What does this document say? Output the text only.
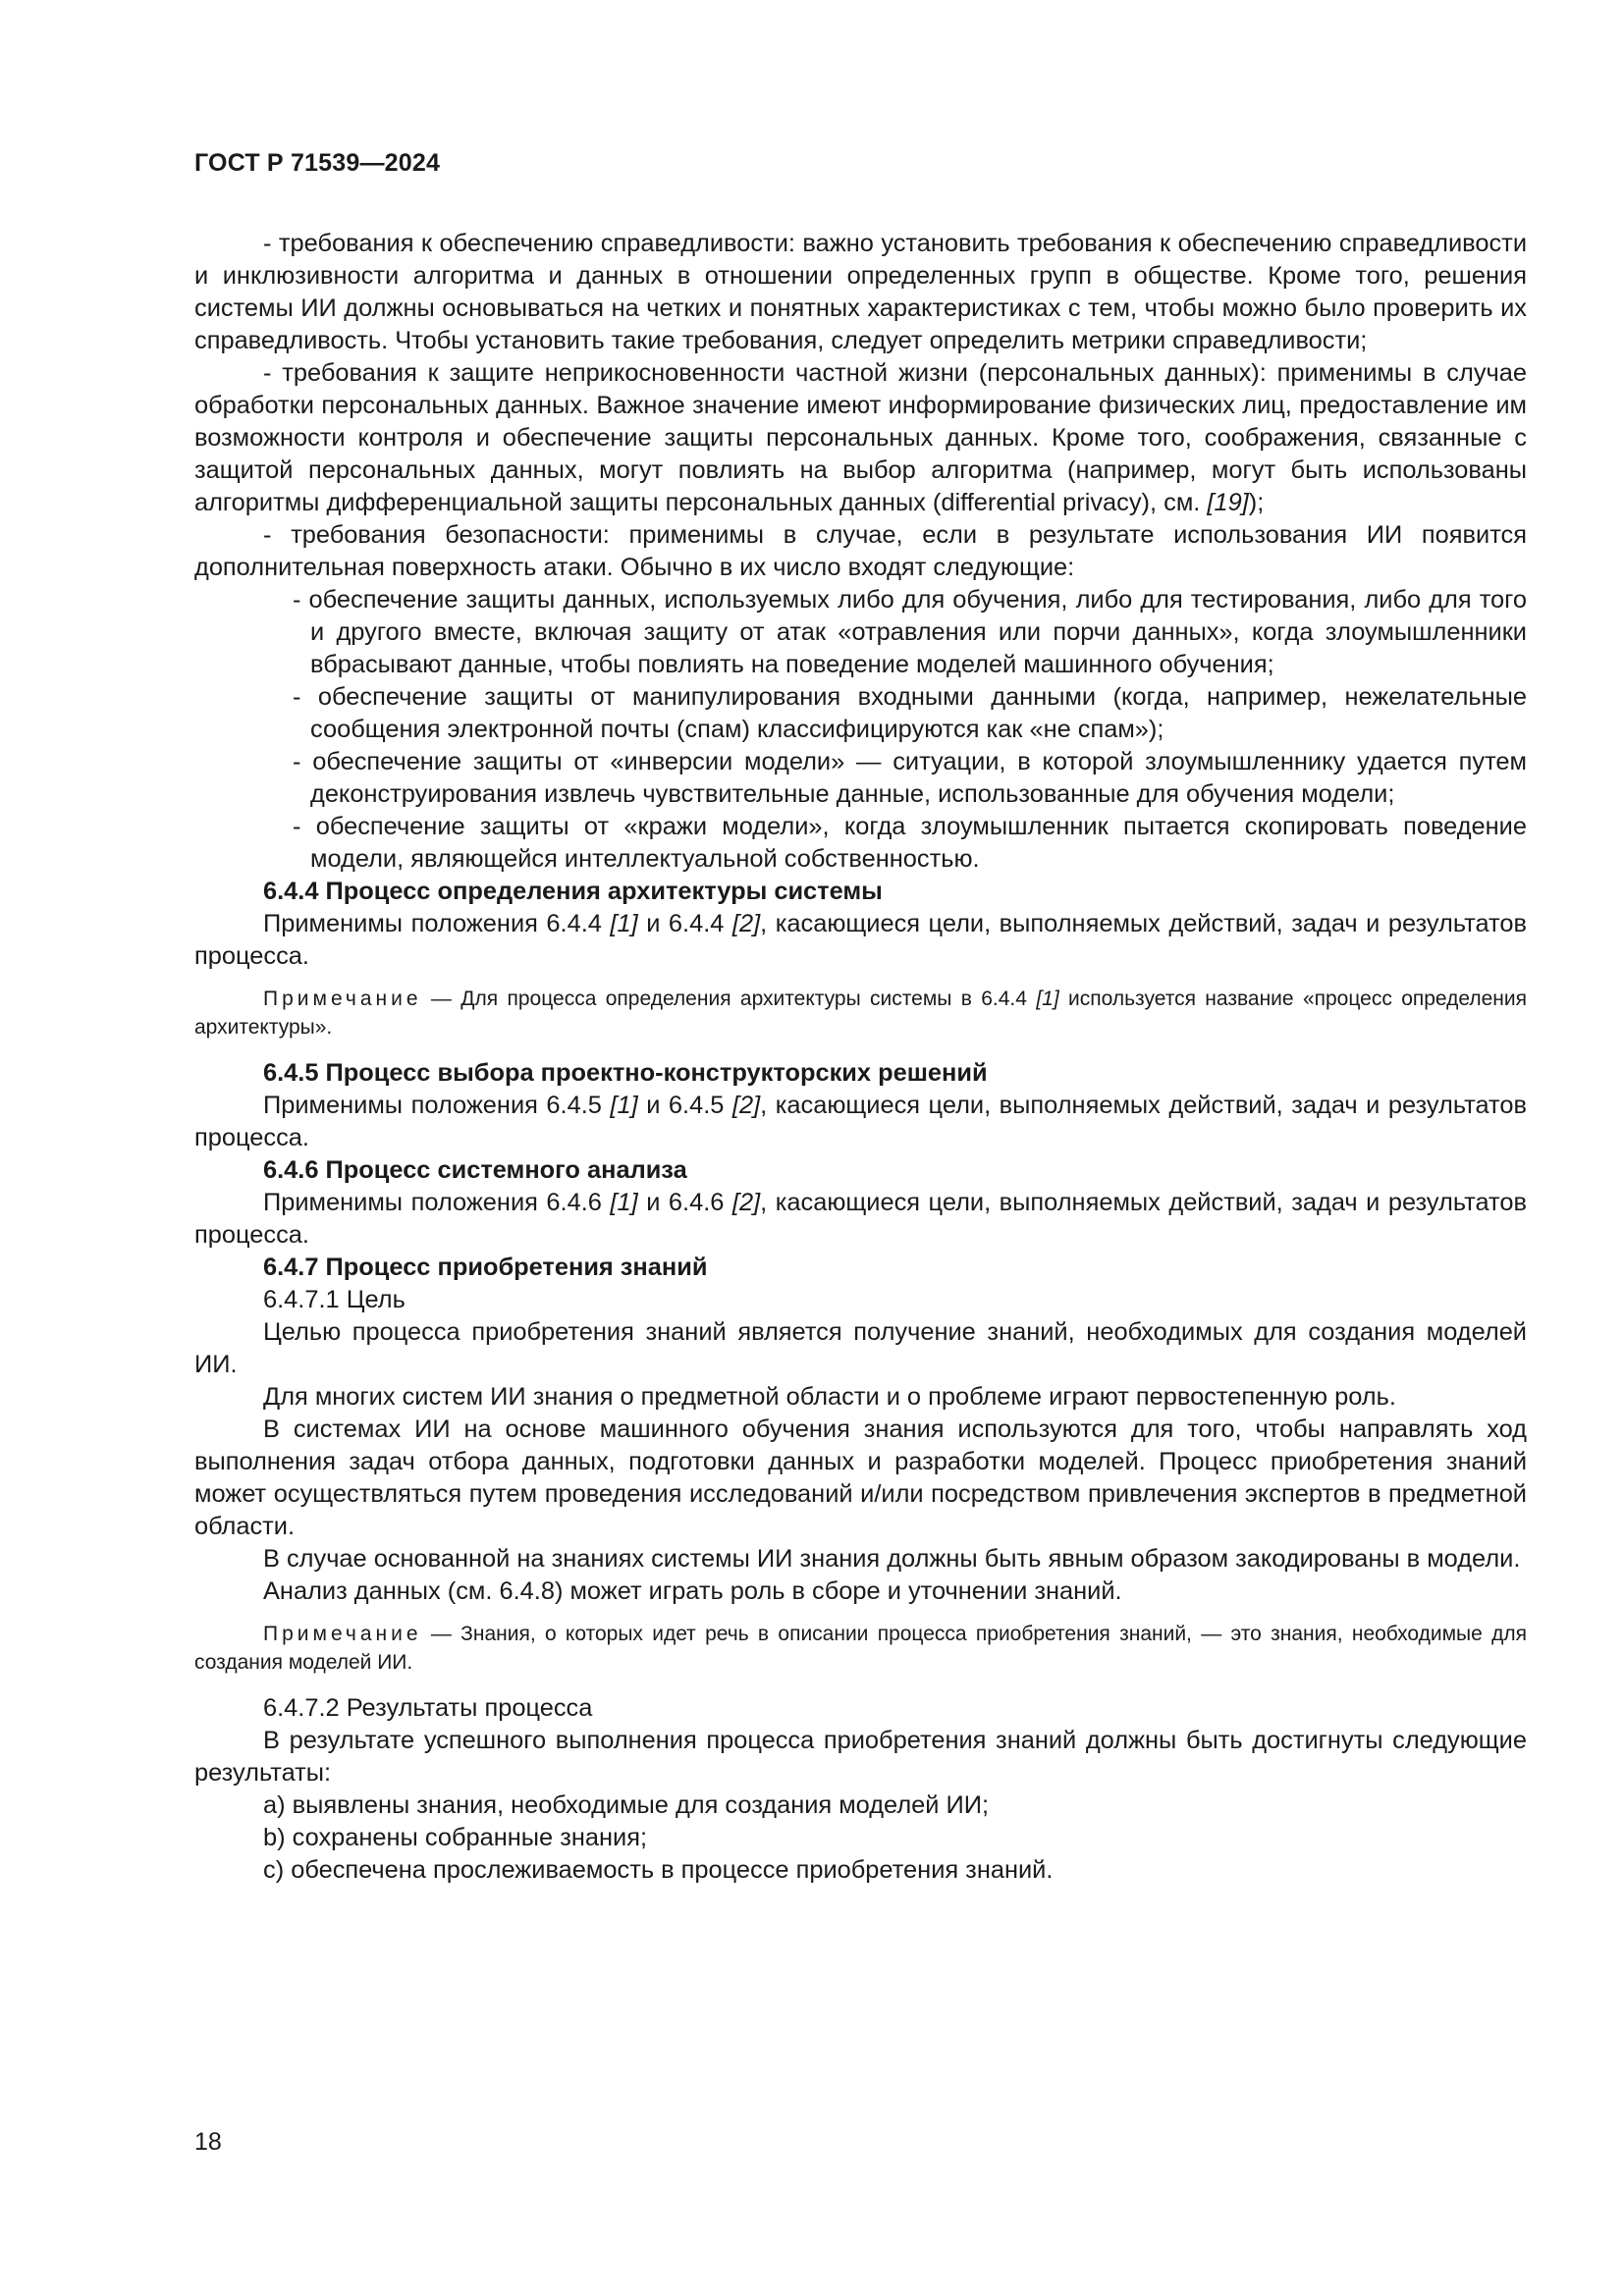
ГОСТ Р 71539—2024

- требования к обеспечению справедливости: важно установить требования к обеспечению справедливости и инклюзивности алгоритма и данных в отношении определенных групп в обществе. Кроме того, решения системы ИИ должны основываться на четких и понятных характеристиках с тем, чтобы можно было проверить их справедливость. Чтобы установить такие требования, следует определить метрики справедливости;

- требования к защите неприкосновенности частной жизни (персональных данных): применимы в случае обработки персональных данных. Важное значение имеют информирование физических лиц, предоставление им возможности контроля и обеспечение защиты персональных данных. Кроме того, соображения, связанные с защитой персональных данных, могут повлиять на выбор алгоритма (например, могут быть использованы алгоритмы дифференциальной защиты персональных данных (differential privacy), см. [19]);

- требования безопасности: применимы в случае, если в результате использования ИИ появится дополнительная поверхность атаки. Обычно в их число входят следующие:

- обеспечение защиты данных, используемых либо для обучения, либо для тестирования, либо для того и другого вместе, включая защиту от атак «отравления или порчи данных», когда злоумышленники вбрасывают данные, чтобы повлиять на поведение моделей машинного обучения;

- обеспечение защиты от манипулирования входными данными (когда, например, нежелательные сообщения электронной почты (спам) классифицируются как «не спам»);

- обеспечение защиты от «инверсии модели» — ситуации, в которой злоумышленнику удается путем деконструирования извлечь чувствительные данные, использованные для обучения модели;

- обеспечение защиты от «кражи модели», когда злоумышленник пытается скопировать поведение модели, являющейся интеллектуальной собственностью.

6.4.4 Процесс определения архитектуры системы

Применимы положения 6.4.4 [1] и 6.4.4 [2], касающиеся цели, выполняемых действий, задач и результатов процесса.

Примечание — Для процесса определения архитектуры системы в 6.4.4 [1] используется название «процесс определения архитектуры».

6.4.5 Процесс выбора проектно-конструкторских решений

Применимы положения 6.4.5 [1] и 6.4.5 [2], касающиеся цели, выполняемых действий, задач и результатов процесса.

6.4.6 Процесс системного анализа

Применимы положения 6.4.6 [1] и 6.4.6 [2], касающиеся цели, выполняемых действий, задач и результатов процесса.

6.4.7 Процесс приобретения знаний

6.4.7.1 Цель

Целью процесса приобретения знаний является получение знаний, необходимых для создания моделей ИИ.

Для многих систем ИИ знания о предметной области и о проблеме играют первостепенную роль.

В системах ИИ на основе машинного обучения знания используются для того, чтобы направлять ход выполнения задач отбора данных, подготовки данных и разработки моделей. Процесс приобретения знаний может осуществляться путем проведения исследований и/или посредством привлечения экспертов в предметной области.

В случае основанной на знаниях системы ИИ знания должны быть явным образом закодированы в модели.

Анализ данных (см. 6.4.8) может играть роль в сборе и уточнении знаний.

Примечание — Знания, о которых идет речь в описании процесса приобретения знаний, — это знания, необходимые для создания моделей ИИ.

6.4.7.2 Результаты процесса

В результате успешного выполнения процесса приобретения знаний должны быть достигнуты следующие результаты:

a) выявлены знания, необходимые для создания моделей ИИ;

b) сохранены собранные знания;

c) обеспечена прослеживаемость в процессе приобретения знаний.

18
